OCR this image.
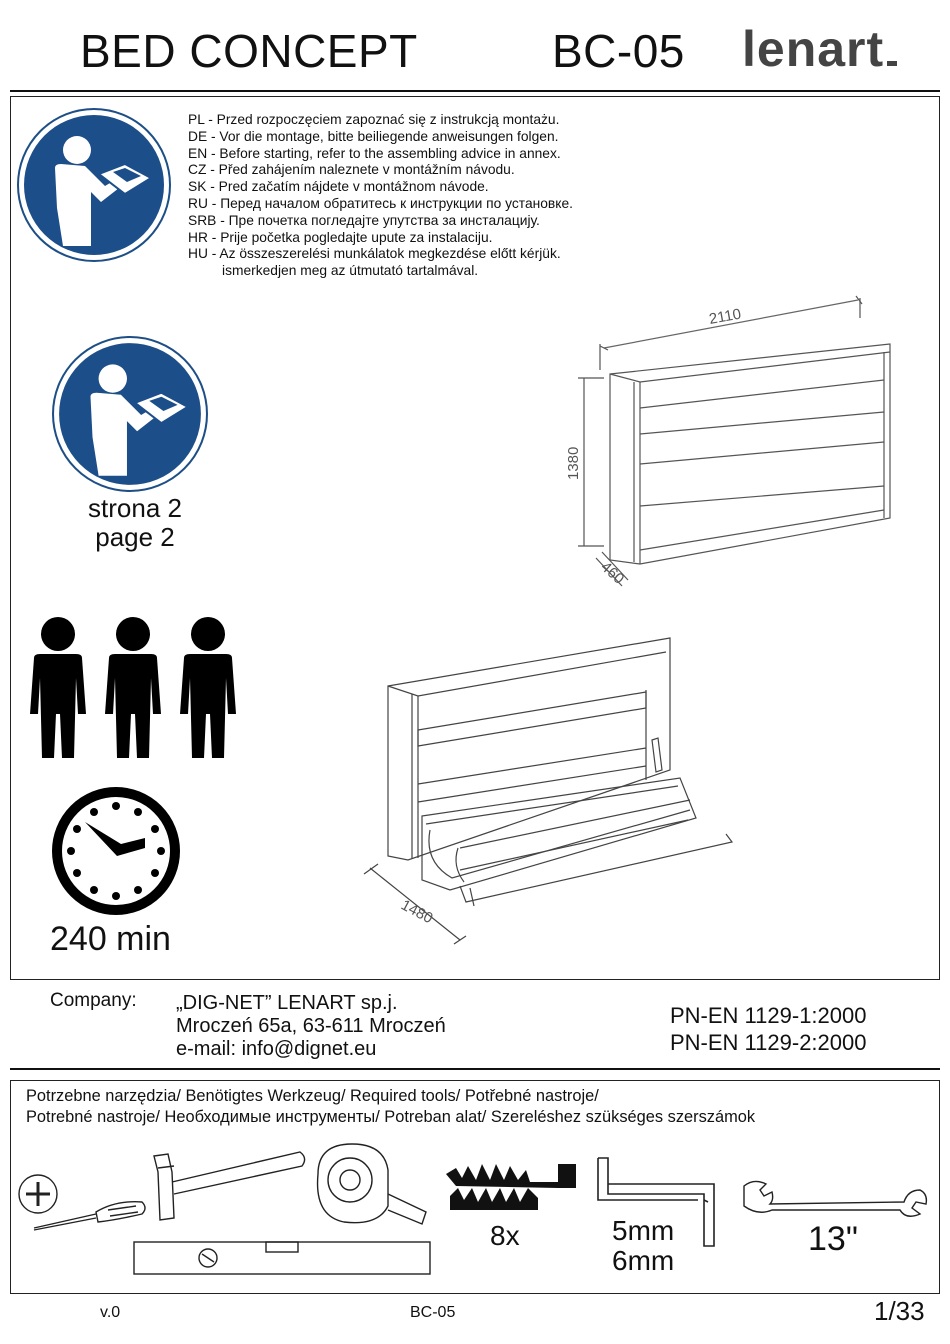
BED CONCEPT	BC-05 lenart
PL - Przed rozpoczęciem zapoznać się z instrukcją montażu.
DE - Vor die montage, bitte beiliegende anweisungen folgen.
EN - Before starting, refer to the assembling advice in annex.
CZ - Před zahájením naleznete v montážním návodu.
SK - Pred začatím nájdete v montážnom návode.
RU - Перед началом обратитесь к инструкции по установке.
SRB - Пре почетка погледајте упутства за инсталацију.
HR - Prije početka pogledajte upute za instalaciju.
HU - Az összeszerelési munkálatok megkezdése előtt kérjük.
ismerkedjen meg az útmutató tartalmával.
strona 2
page 2
240 min
2110
1380
460
1480
Company: „DIG-NET” LENART sp.j.
Mroczeń 65a, 63-611 Mroczeń
e-mail: info@dignet.eu
PN-EN 1129-1:2000
PN-EN 1129-2:2000
Potrzebne narzędzia/ Benötigtes Werkzeug/ Required tools/ Potřebné nastroje/
Potrebné nastroje/ Необходимые инструменты/ Potreban alat/ Szereléshez szükséges szerszámok
8x	5mm
6mm
13"
v.0	BC-05	1/33
